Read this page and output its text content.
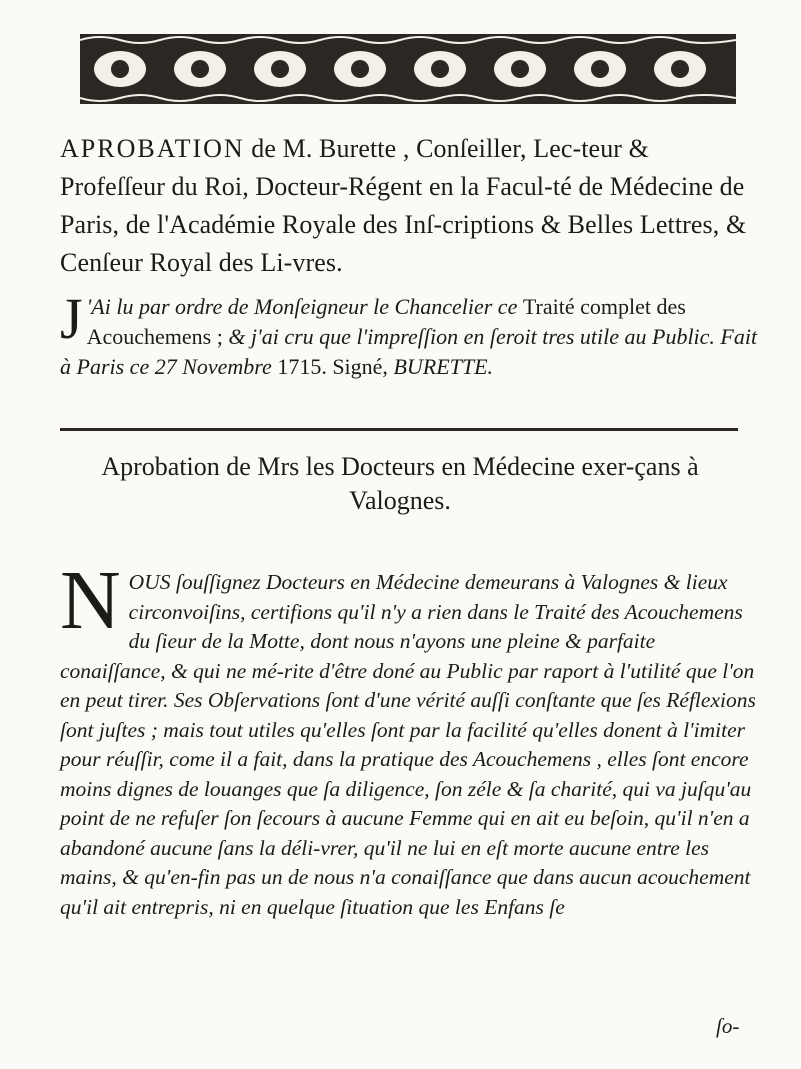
APROBATION de M. Burette , Conſeiller, Lec-teur & Profeſſeur du Roi, Docteur-Régent en la Facul-té de Médecine de Paris, de l'Académie Royale des Inſ-criptions & Belles Lettres, & Cenſeur Royal des Li-vres.
J 'Ai lu par ordre de Monſeigneur le Chancelier ce Traité complet des Acouchemens ; & j'ai cru que l'impreſſion en ſeroit tres utile au Public. Fait à Paris ce 27 Novembre 1715. Signé, BURETTE.
Aprobation de Mrs les Docteurs en Médecine exer-çans à Valognes.
NOUS ſouſſignez Docteurs en Médecine demeurans à Valognes & lieux circonvoiſins, certifions qu'il n'y a rien dans le Traité des Acouchemens du ſieur de la Motte, dont nous n'ayons une pleine & parfaite conaiſſance, & qui ne mé-rite d'être doné au Public par raport à l'utilité que l'on en peut tirer. Ses Obſervations ſont d'une vérité auſſi conſtante que ſes Réflexions ſont juſtes ; mais tout utiles qu'elles ſont par la facilité qu'elles donent à l'imiter pour réuſſir, come il a fait, dans la pratique des Acouchemens , elles ſont encore moins dignes de louanges que ſa diligence, ſon zéle & ſa charité, qui va juſqu'au point de ne refuſer ſon ſecours à aucune Femme qui en ait eu beſoin, qu'il n'en a abandoné aucune ſans la déli-vrer, qu'il ne lui en eſt morte aucune entre les mains, & qu'en-fin pas un de nous n'a conaiſſance que dans aucun acouchement qu'il ait entrepris, ni en quelque ſituation que les Enfans ſe
ſo-
